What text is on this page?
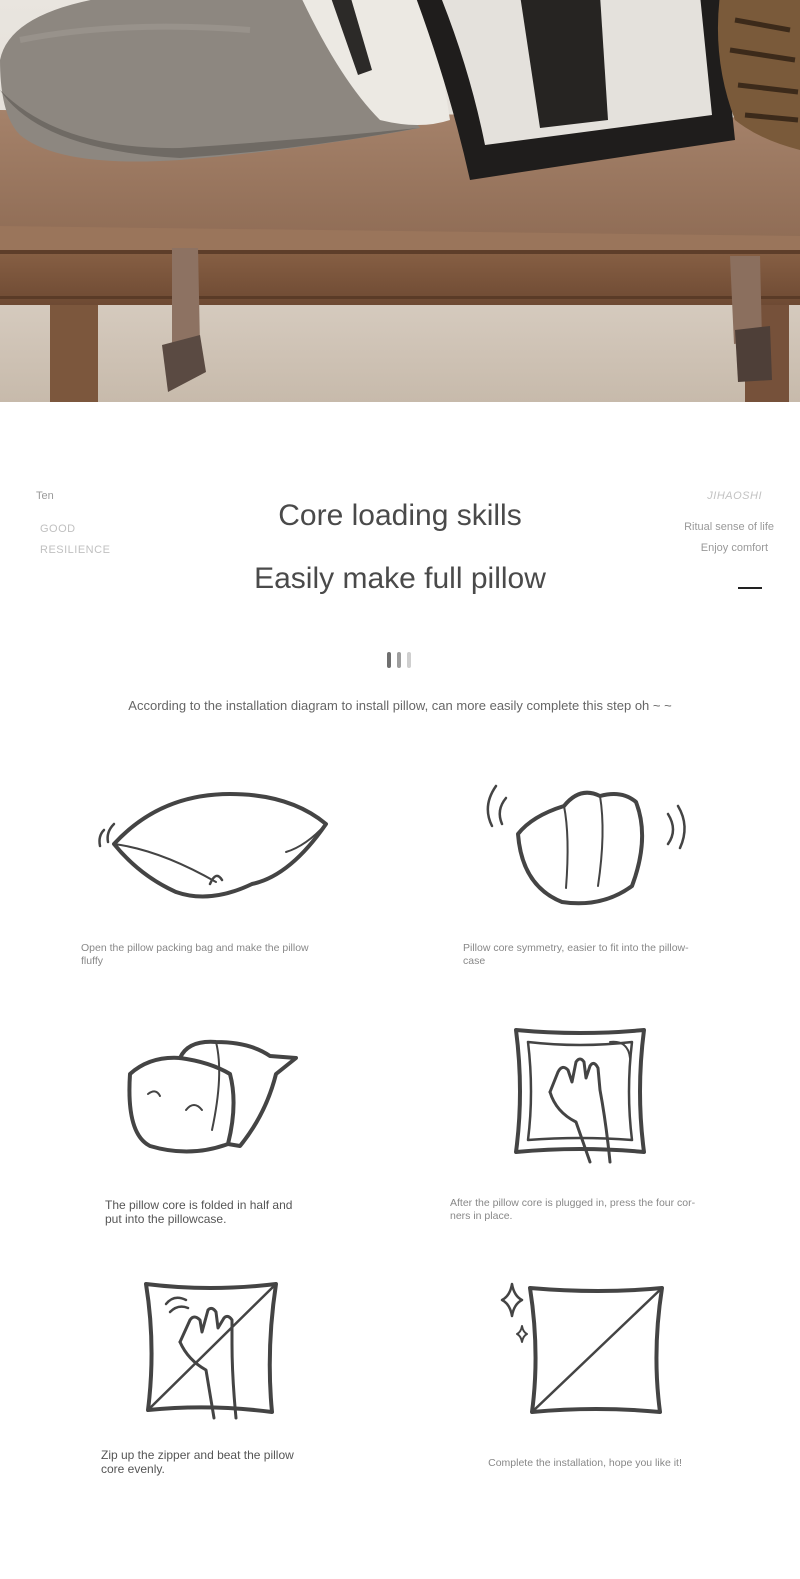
Ten
GOOD
RESILIENCE
JIHAOSHI
Ritual sense of life
Enjoy comfort
Core loading skills
Easily make full pillow
According to the installation diagram to install pillow, can more easily complete this step oh ~ ~
Open the pillow packing bag and make the pillow fluffy
Pillow core symmetry, easier to fit into the pillow-case
The pillow core is folded in half and put into the pillowcase.
After the pillow core is plugged in, press the four cor-ners in place.
Zip up the zipper and beat the pillow core evenly.	Complete the installation, hope you like it!
